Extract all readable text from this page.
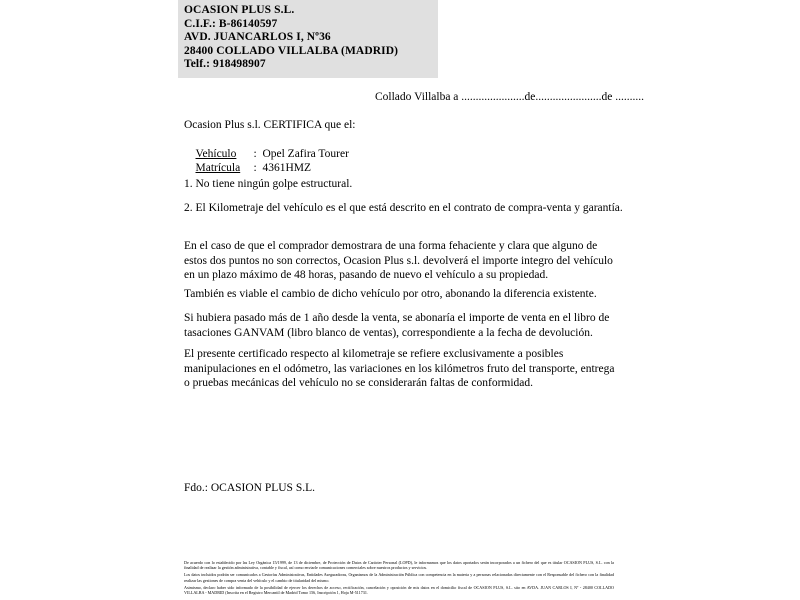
OCASION PLUS S.L.
C.I.F.: B-86140597
AVD. JUANCARLOS I, Nº36
28400 COLLADO VILLALBA (MADRID)
Telf.: 918498907
Collado Villalba a ......................de.......................de ..........
Ocasion Plus s.l. CERTIFICA que el:

Vehículo :  Opel Zafira Tourer

Matrícula :  4361HMZ

1. No tiene ningún golpe estructural.
2. El Kilometraje del vehículo es el que está descrito en el contrato de compra-venta y garantía.
En el caso de que el comprador demostrara de una forma fehaciente y clara que alguno de estos dos puntos no son correctos, Ocasion Plus s.l. devolverá el importe integro del vehículo en un plazo máximo de 48 horas, pasando de nuevo el vehículo a su propiedad.
También es viable el cambio de dicho vehículo por otro, abonando la diferencia existente.
Si hubiera pasado más de 1 año desde la venta, se abonaría el importe de venta en el libro de tasaciones GANVAM (libro blanco de ventas), correspondiente a la fecha de devolución.
El presente certificado respecto al kilometraje se refiere exclusivamente a posibles manipulaciones en el odómetro, las variaciones en los kilómetros fruto del transporte, entrega o pruebas mecánicas del vehículo no se considerarán faltas de conformidad.
Fdo.: OCASION PLUS S.L.

De acuerdo con lo establecido por las Ley Orgánica 15/1999, de 13 de diciembre, de Protección de Datos de Carácter Personal (LOPD), le informamos que los datos aportados serán incorporados a un fichero del que es titular OCASION PLUS, S.L. con la finalidad de realizar la gestión administrativa, contable y fiscal, así como enviarle comunicaciones comerciales sobre nuestros productos y servicios.

Los datos incluidos podrán ser comunicados a Gestorías Administrativas, Entidades Aseguradoras, Organismos de la Administración Pública con competencia en la materia y a personas relacionadas directamente con el Responsable del fichero con la finalidad realizar las gestiones de compra venta del vehículo y el cambio de titularidad del mismo.

Asimismo, declaro haber sido informado de la posibilidad de ejercer los derechos de acceso, rectificación, cancelación y oposición de mis datos en el domicilio fiscal de OCASION PLUS, S.L. sito en AVDA. JUAN CARLOS I, Nº - 28400 COLLADO VILLALBA - MADRID (Inscrita en el Registro Mercantil de Madrid Tomo 156, Inscripción 1, Hoja M-511731.
